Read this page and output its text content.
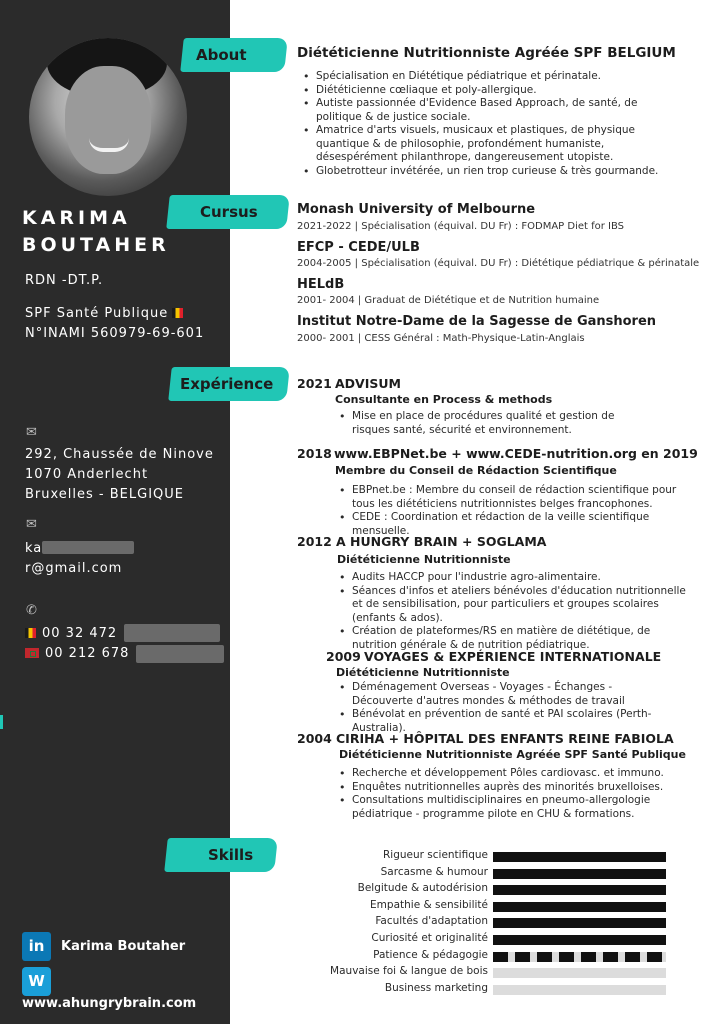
KARIMA
BOUTAHER
RDN -DT.P.
SPF Santé Publique
N°INAMI 560979-69-601
✉
292, Chaussée de Ninove
1070 Anderlecht
Bruxelles - BELGIQUE
✉
kar@gmail.com
✆
00 32 472
00 212 678
in Karima Boutaher
Wwww.ahungrybrain.com
About
Cursus
Expérience
Skills
Diététicienne Nutritionniste Agréée SPF BELGIUM
• Spécialisation en Diététique pédiatrique et périnatale.
• Diététicienne cœliaque et poly-allergique.
• Autiste passionnée d'Evidence Based Approach, de santé, de politique & de justice sociale.
• Amatrice d'arts visuels, musicaux et plastiques, de physique quantique & de philosophie, profondément humaniste, désespérément philanthrope, dangereusement utopiste.
• Globetrotteur invétérée, un rien trop curieuse & très gourmande.
Monash University of Melbourne
2021-2022 | Spécialisation (équival. DU Fr) : FODMAP Diet for IBS
EFCP - CEDE/ULB
2004-2005 | Spécialisation (équival. DU Fr) : Diététique pédiatrique & périnatale
HELdB
2001- 2004 | Graduat de Diététique et de Nutrition humaine
Institut Notre-Dame de la Sagesse de Ganshoren
2000- 2001 | CESS Général : Math-Physique-Latin-Anglais
2021 ADVISUM
Consultante en Process & methods
• Mise en place de procédures qualité et gestion de risques santé, sécurité et environnement.
2018 www.EBPNet.be + www.CEDE-nutrition.org en 2019
Membre du Conseil de Rédaction Scientifique
• EBPnet.be : Membre du conseil de rédaction scientifique pour tous les diététiciens nutritionnistes belges francophones.
• CEDE : Coordination et rédaction de la veille scientifique mensuelle.
2012 A HUNGRY BRAIN + SOGLAMA
Diététicienne Nutritionniste
• Audits HACCP pour l'industrie agro-alimentaire.
• Séances d'infos et ateliers bénévoles d'éducation nutritionnelle et de sensibilisation, pour particuliers et groupes scolaires (enfants & ados).
• Création de plateformes/RS en matière de diététique, de nutrition générale & de nutrition pédiatrique.
2009 VOYAGES & EXPÉRIENCE INTERNATIONALE
Diététicienne Nutritionniste
• Déménagement Overseas - Voyages - Échanges - Découverte d'autres mondes & méthodes de travail
• Bénévolat en prévention de santé et PAI scolaires (Perth-Australia).
2004 CIRIHA + HÔPITAL DES ENFANTS REINE FABIOLA
Diététicienne Nutritionniste Agréée SPF Santé Publique
• Recherche et développement Pôles cardiovasc. et immuno.
• Enquêtes nutritionnelles auprès des minorités bruxelloises.
• Consultations multidisciplinaires en pneumo-allergologie pédiatrique - programme pilote en CHU & formations.
Rigueur scientifique
Sarcasme & humour
Belgitude & autodérision
Empathie & sensibilité
Facultés d'adaptation
Curiosité et originalité
Patience & pédagogie
Mauvaise foi & langue de bois
Business marketing
